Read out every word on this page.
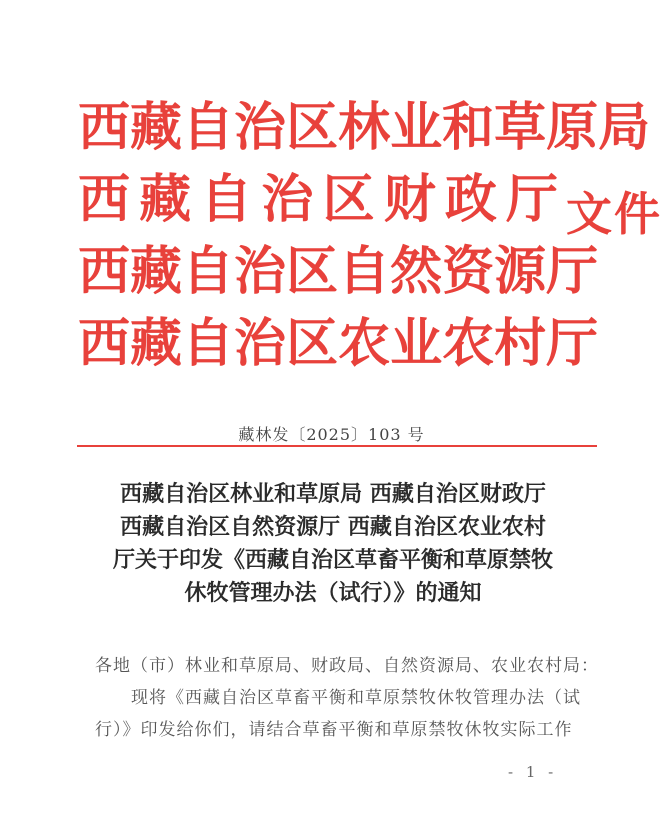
西 藏 自 治 区 林 业 和 草 原 局
西 藏 自 治 区 财 政 厅
西 藏 自 治 区 自 然 资 源 厅
西 藏 自 治 区 农 业 农 村 厅
文件
藏林发〔2025〕103 号
西藏自治区林业和草原局 西藏自治区财政厅
西藏自治区自然资源厅 西藏自治区农业农村
厅关于印发《西藏自治区草畜平衡和草原禁牧
休牧管理办法（试行）》的通知
各地（市）林业和草原局、财政局、自然资源局、农业农村局：
现将《西藏自治区草畜平衡和草原禁牧休牧管理办法（试
行）》印发给你们，请结合草畜平衡和草原禁牧休牧实际工作
- 1 -
